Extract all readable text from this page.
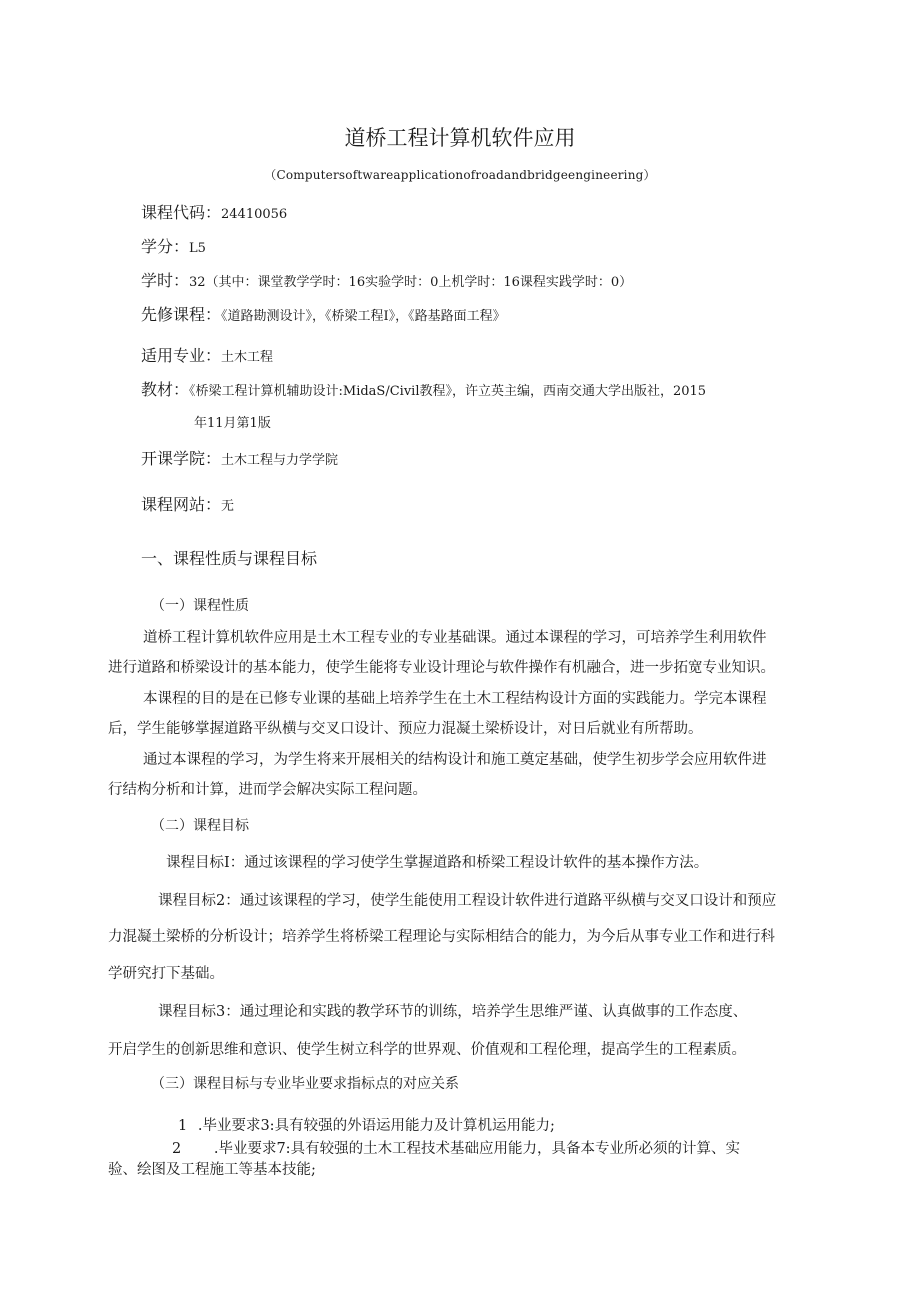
道桥工程计算机软件应用
（Computersoftwareapplicationofroadandbridgeengineering）
课程代码：24410056
学分：L5
学时：32（其中：课堂教学学时：16实验学时：0上机学时：16课程实践学时：0）
先修课程：《道路勘测设计》，《桥梁工程I》，《路基路面工程》
适用专业：土木工程
教材：《桥梁工程计算机辅助设计:MidaS/Civil教程》，许立英主编，西南交通大学出版社，2015
年11月第1版
开课学院：土木工程与力学学院
课程网站：无
一、课程性质与课程目标
（一）课程性质
道桥工程计算机软件应用是土木工程专业的专业基础课。通过本课程的学习，可培养学生利用软件
进行道路和桥梁设计的基本能力，使学生能将专业设计理论与软件操作有机融合，进一步拓宽专业知识。
本课程的目的是在已修专业课的基础上培养学生在土木工程结构设计方面的实践能力。学完本课程
后，学生能够掌握道路平纵横与交叉口设计、预应力混凝土梁桥设计，对日后就业有所帮助。
通过本课程的学习，为学生将来开展相关的结构设计和施工奠定基础，使学生初步学会应用软件进
行结构分析和计算，进而学会解决实际工程问题。
（二）课程目标
课程目标I：通过该课程的学习使学生掌握道路和桥梁工程设计软件的基本操作方法。
课程目标2：通过该课程的学习，使学生能使用工程设计软件进行道路平纵横与交叉口设计和预应
力混凝土梁桥的分析设计；培养学生将桥梁工程理论与实际相结合的能力，为今后从事专业工作和进行科
学研究打下基础。
课程目标3：通过理论和实践的教学环节的训练，培养学生思维严谨、认真做事的工作态度、
开启学生的创新思维和意识、使学生树立科学的世界观、价值观和工程伦理，提高学生的工程素质。
（三）课程目标与专业毕业要求指标点的对应关系
1 .毕业要求3:具有较强的外语运用能力及计算机运用能力;
2 .毕业要求7:具有较强的土木工程技术基础应用能力，具备本专业所必须的计算、实
验、绘图及工程施工等基本技能;
